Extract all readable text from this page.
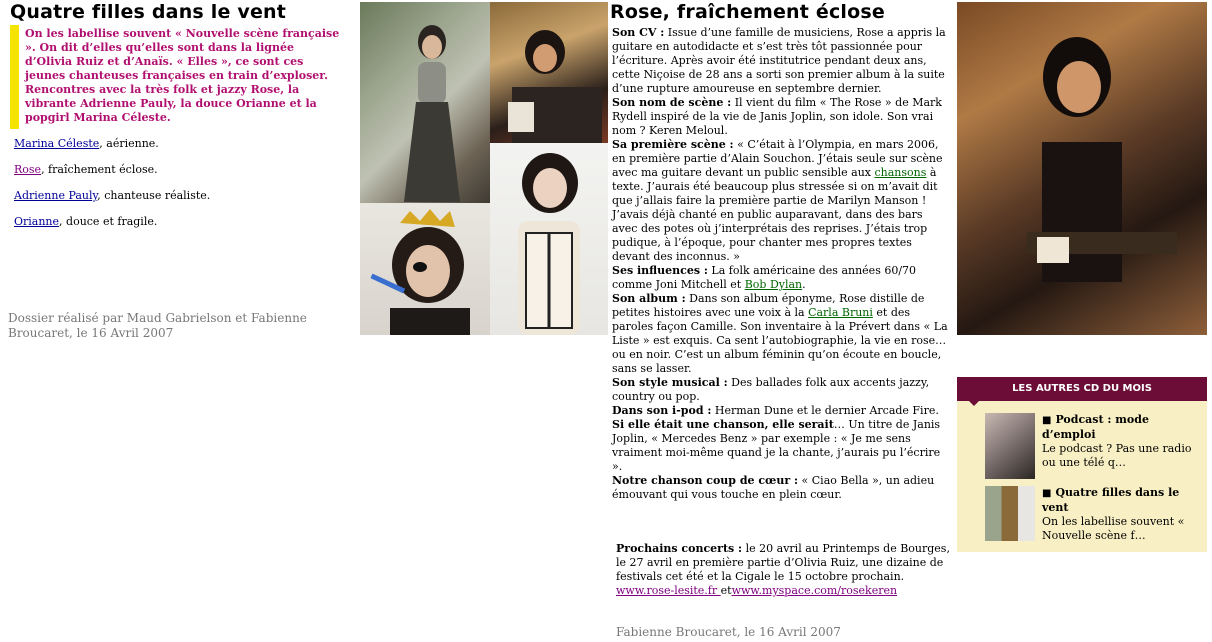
Quatre filles dans le vent
On les labellise souvent « Nouvelle scène française ». On dit d’elles qu’elles sont dans la lignée d’Olivia Ruiz et d’Anaïs. « Elles », ce sont ces jeunes chanteuses françaises en train d’exploser. Rencontres avec la très folk et jazzy Rose, la vibrante Adrienne Pauly, la douce Orianne et la popgirl Marina Céleste.
Marina Céleste, aérienne.
Rose, fraîchement éclose.
Adrienne Pauly, chanteuse réaliste.
Orianne, douce et fragile.
Dossier réalisé par Maud Gabrielson et Fabienne Broucaret, le 16 Avril 2007
Rose, fraîchement éclose
Son CV : Issue d’une famille de musiciens, Rose a appris la guitare en autodidacte et s’est très tôt passionnée pour l’écriture. Après avoir été institutrice pendant deux ans, cette Niçoise de 28 ans a sorti son premier album à la suite d’une rupture amoureuse en septembre dernier.
Son nom de scène : Il vient du film « The Rose » de Mark Rydell inspiré de la vie de Janis Joplin, son idole. Son vrai nom ? Keren Meloul.
Sa première scène : « C’était à l’Olympia, en mars 2006, en première partie d’Alain Souchon. J’étais seule sur scène avec ma guitare devant un public sensible aux chansons à texte. J’aurais été beaucoup plus stressée si on m’avait dit que j’allais faire la première partie de Marilyn Manson ! J’avais déjà chanté en public auparavant, dans des bars avec des potes où j’interprétais des reprises. J’étais trop pudique, à l’époque, pour chanter mes propres textes devant des inconnus. »
Ses influences : La folk américaine des années 60/70 comme Joni Mitchell et Bob Dylan.
Son album : Dans son album éponyme, Rose distille de petites histoires avec une voix à la Carla Bruni et des paroles façon Camille. Son inventaire à la Prévert dans « La Liste » est exquis. Ca sent l’autobiographie, la vie en rose… ou en noir. C’est un album féminin qu’on écoute en boucle, sans se lasser.
Son style musical : Des ballades folk aux accents jazzy, country ou pop.
Dans son i-pod : Herman Dune et le dernier Arcade Fire.
Si elle était une chanson, elle serait… Un titre de Janis Joplin, « Mercedes Benz » par exemple : « Je me sens vraiment moi-même quand je la chante, j’aurais pu l’écrire ».
Notre chanson coup de cœur : « Ciao Bella », un adieu émouvant qui vous touche en plein cœur.
Prochains concerts : le 20 avril au Printemps de Bourges, le 27 avril en première partie d’Olivia Ruiz, une dizaine de festivals cet été et la Cigale le 15 octobre prochain.
www.rose-lesite.fr etwww.myspace.com/rosekeren
Fabienne Broucaret, le 16 Avril 2007
LES AUTRES CD DU MOIS
■ Podcast : mode d’emploi
Le podcast ? Pas une radio ou une télé q…
■ Quatre filles dans le vent
On les labellise souvent « Nouvelle scène f…
